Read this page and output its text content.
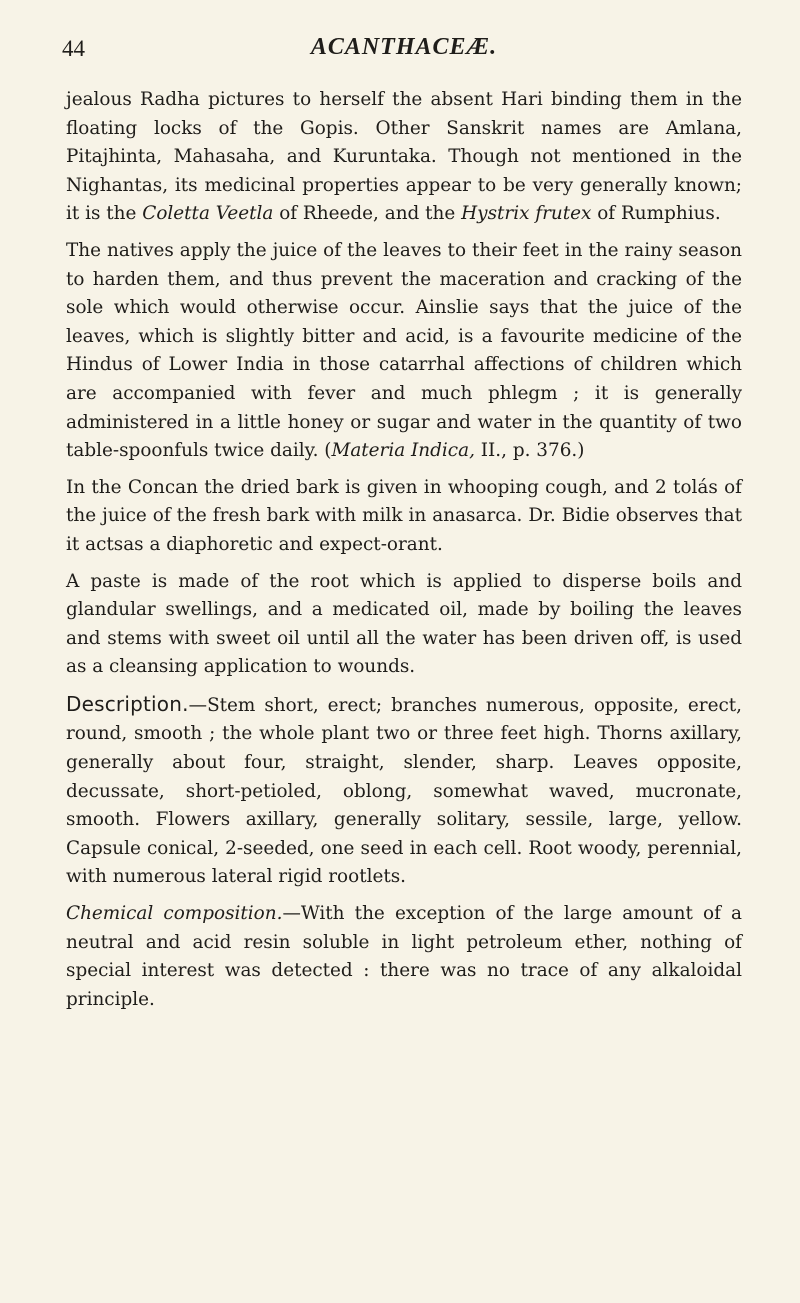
44	ACANTHACEÆ.

jealous Radha pictures to herself the absent Hari binding them in the floating locks of the Gopis. Other Sanskrit names are Amlana, Pitajhinta, Mahasaha, and Kuruntaka. Though not mentioned in the Nighantas, its medicinal properties appear to be very generally known; it is the Coletta Veetla of Rheede, and the Hystrix frutex of Rumphius.

The natives apply the juice of the leaves to their feet in the rainy season to harden them, and thus prevent the maceration and cracking of the sole which would otherwise occur. Ainslie says that the juice of the leaves, which is slightly bitter and acid, is a favourite medicine of the Hindus of Lower India in those catarrhal affections of children which are accompanied with fever and much phlegm ; it is generally administered in a little honey or sugar and water in the quantity of two table-spoonfuls twice daily. (Materia Indica, II., p. 376.)

In the Concan the dried bark is given in whooping cough, and 2 tolás of the juice of the fresh bark with milk in anasarca. Dr. Bidie observes that it actsas a diaphoretic and expect-orant.

A paste is made of the root which is applied to disperse boils and glandular swellings, and a medicated oil, made by boiling the leaves and stems with sweet oil until all the water has been driven off, is used as a cleansing application to wounds.

Description.—Stem short, erect; branches numerous, opposite, erect, round, smooth ; the whole plant two or three feet high. Thorns axillary, generally about four, straight, slender, sharp. Leaves opposite, decussate, short-petioled, oblong, somewhat waved, mucronate, smooth. Flowers axillary, generally solitary, sessile, large, yellow. Capsule conical, 2-seeded, one seed in each cell. Root woody, perennial, with numerous lateral rigid rootlets.

Chemical composition.—With the exception of the large amount of a neutral and acid resin soluble in light petroleum ether, nothing of special interest was detected : there was no trace of any alkaloidal principle.
